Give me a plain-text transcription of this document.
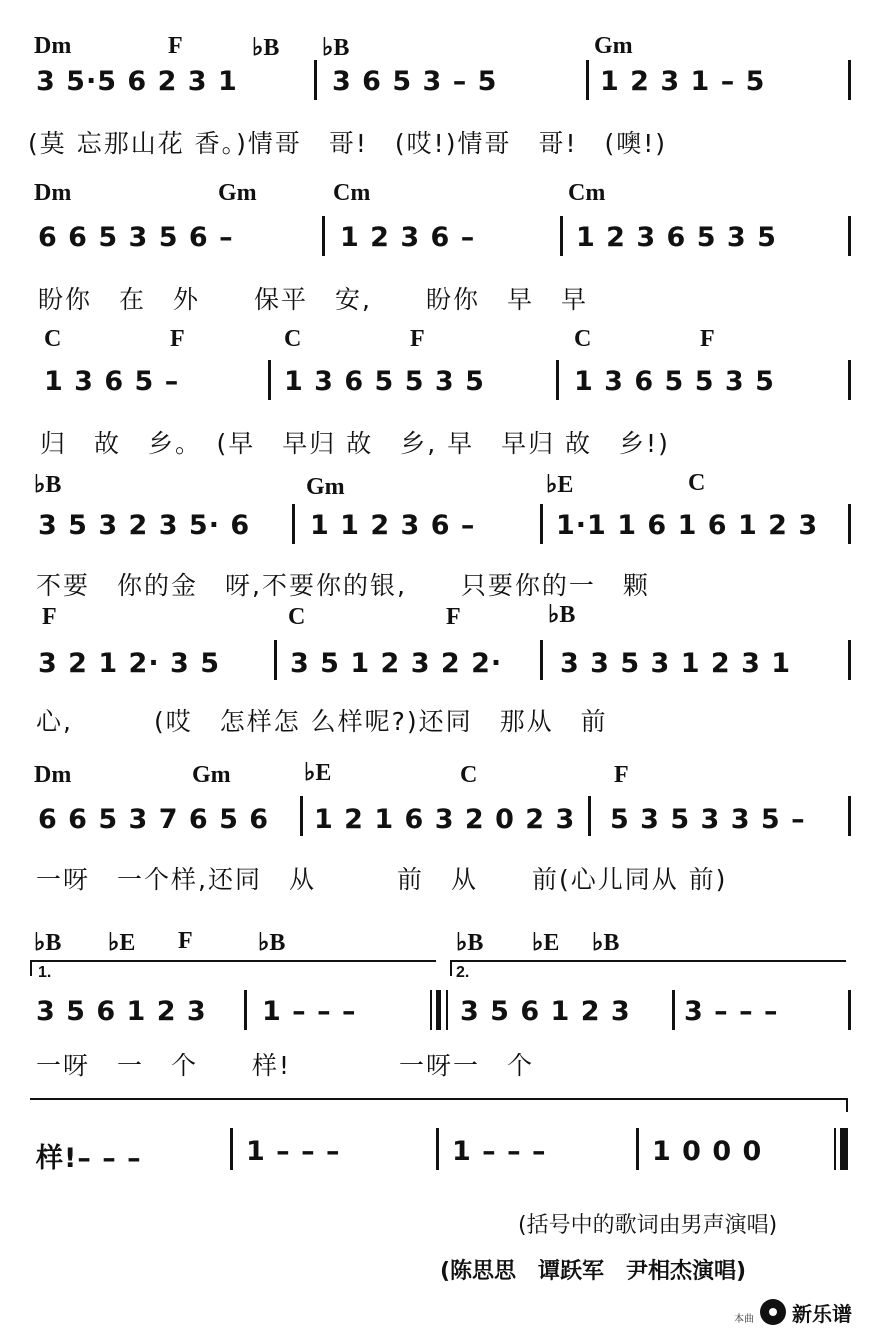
Dm	F	♭B ♭B	Gm
3 5·5 6 2 3 1	3 6 5 3 – 5	1 2 3 1 – 5
(莫 忘那山花 香。)情哥　哥!　(哎!)情哥　哥!　(噢!)
Dm	Gm	Cm	Cm
6 6 5 3 5 6 –	1 2 3 6 –	1 2 3 6 5 3 5
盼你　在　外　　保平　安,　　盼你　早　早
C	F	C	F	C	F
1 3 6 5 –	1 3 6 5 5 3 5	1 3 6 5 5 3 5
归　故　乡。　(早　早归 故　乡, 早　早归 故　乡!)
♭B	Gm	♭E	C
3 5 3 2 3 5· 6 1 1 2 3 6 –	1·1 1 6 1 6 1 2 3
不要　你的金　呀,不要你的银,　　只要你的一　颗
F	C	F	♭B
3 2 1 2· 3 5	3 5 1 2 3 2 2· 3 3 5 3 1 2 3 1
心,　　　(哎　怎样怎 么样呢?)还同　那从　前
Dm	Gm	♭E	C	F
6 6 5 3 7 6 5 6 1 2 1 6 3 2 0 2 3 5 3 5 3 3 5 –
一呀　一个样,还同　从　　　前　从　　前(心儿同从 前)
♭B ♭E F	♭B	♭B ♭E ♭B
1.	2.
3 5 6 1 2 3 1 – – –	3 5 6 1 2 3 3 – – –
一呀　一　个　　样!　　　　一呀一　个
样!– – –	1 – – –	1 – – –	1 0 0 0
(括号中的歌词由男声演唱)
(陈思思　谭跃军　尹相杰演唱)
本曲 新乐谱
